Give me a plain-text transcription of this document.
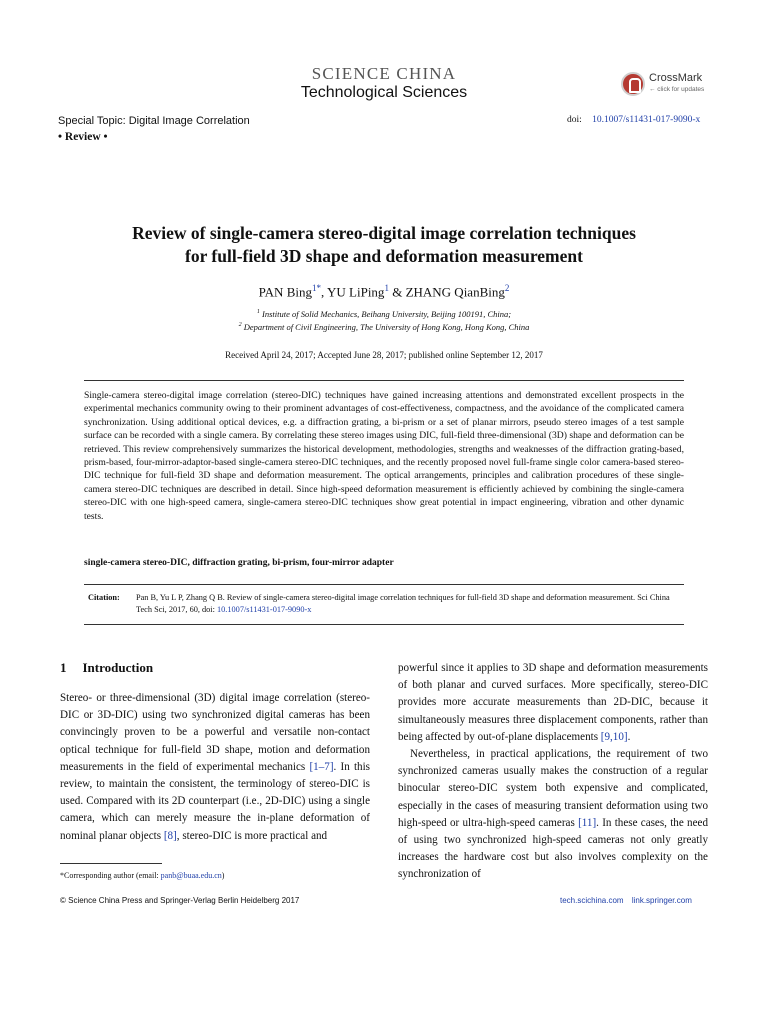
SCIENCE CHINA
Technological Sciences
CrossMark
← click for updates
Special Topic: Digital Image Correlation	doi: 10.1007/s11431-017-9090-x
• Review •
Review of single-camera stereo-digital image correlation techniques
for full-field 3D shape and deformation measurement
PAN Bing$^{1*}$, YU LiPing$^1$ & ZHANG QianBing$^2$
$^1$ Institute of Solid Mechanics, Beihang University, Beijing 100191, China;
$^2$ Department of Civil Engineering, The University of Hong Kong, Hong Kong, China
Received April 24, 2017; Accepted June 28, 2017; published online September 12, 2017
Single-camera stereo-digital image correlation (stereo-DIC) techniques have gained increasing attentions and demonstrated excellent prospects in the experimental mechanics community owing to their prominent advantages of cost-effectiveness, compactness, and the avoidance of the complicated camera synchronization. Using additional optical devices, e.g. a diffraction grating, a bi-prism or a set of planar mirrors, pseudo stereo images of a test sample surface can be recorded with a single camera. By correlating these stereo images using DIC, full-field three-dimensional (3D) shape and deformation can be retrieved. This review comprehensively summarizes the historical development, methodologies, strengths and weaknesses of the diffraction grating-based, prism-based, four-mirror-adaptor-based single-camera stereo-DIC techniques, and the recently proposed novel full-frame single color camera-based stereo-DIC technique for full-field 3D shape and deformation measurement. The optical arrangements, principles and calibration procedures of these single-camera stereo-DIC techniques are described in detail. Since high-speed deformation measurement is efficiently achieved by combining the single-camera stereo-DIC with one high-speed camera, single-camera stereo-DIC techniques show great potential in impact engineering, vibration and other dynamic tests.
single-camera stereo-DIC, diffraction grating, bi-prism, four-mirror adapter
Citation: Pan B, Yu L P, Zhang Q B. Review of single-camera stereo-digital image correlation techniques for full-field 3D shape and deformation measurement. Sci China Tech Sci, 2017, 60, doi: 10.1007/s11431-017-9090-x
1 Introduction

Stereo- or three-dimensional (3D) digital image correlation (stereo-DIC or 3D-DIC) using two synchronized digital cameras has been convincingly proven to be a powerful and versatile non-contact optical technique for full-field 3D shape, motion and deformation measurements in the field of experimental mechanics [1–7]. In this review, to maintain the consistent, the terminology of stereo-DIC is used. Compared with its 2D counterpart (i.e., 2D-DIC) using a single camera, which can merely measure the in-plane deformation of nominal planar objects [8], stereo-DIC is more practical and

powerful since it applies to 3D shape and deformation measurements of both planar and curved surfaces. More specifically, stereo-DIC provides more accurate measurements than 2D-DIC, because it simultaneously measures three displacement components, rather than being affected by out-of-plane displacements [9,10].

Nevertheless, in practical applications, the requirement of two synchronized cameras usually makes the construction of a regular binocular stereo-DIC system both expensive and complicated, especially in the cases of measuring transient deformation using two high-speed or ultra-high-speed cameras [11]. In these cases, the need of using two synchronized high-speed cameras not only greatly increases the hardware cost but also involves complexity on the synchronization of

*Corresponding author (email: panb@buaa.edu.cn)
© Science China Press and Springer-Verlag Berlin Heidelberg 2017	tech.scichina.com link.springer.com
